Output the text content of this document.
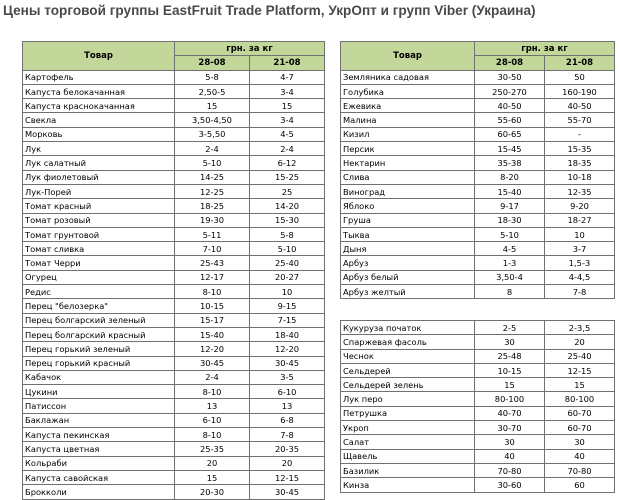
Цены торговой группы EastFruit Trade Platform, УкрОпт и групп Viber (Украина)
Товар	грн. за кг	
	28-08	21-08
Картофель	5-8	4-7
Капуста белокачанная	2,50-5	3-4
Капуста краснокачанная	15	15
Свекла	3,50-4,50	3-4
Морковь	3-5,50	4-5
Лук	2-4	2-4
Лук салатный	5-10	6-12
Лук фиолетовый	14-25	15-25
Лук-Порей	12-25	25
Томат красный	18-25	14-20
Томат розовый	19-30	15-30
Томат грунтовой	5-11	5-8
Томат сливка	7-10	5-10
Томат Черри	25-43	25-40
Огурец	12-17	20-27
Редис	8-10	10
Перец "белозерка"	10-15	9-15
Перец болгарский зеленый	15-17	7-15
Перец болгарский красный	15-40	18-40
Перец горький зеленый	12-20	12-20
Перец горький красный	30-45	30-45
Кабачок	2-4	3-5
Цукини	8-10	6-10
Патиссон	13	13
Баклажан	6-10	6-8
Капуста пекинская	8-10	7-8
Капуста цветная	25-35	20-35
Кольраби	20	20
Капуста савойская	15	12-15
Брокколи	20-30	30-45
Товар	грн. за кг	
	28-08	21-08
Земляника садовая	30-50	50
Голубика	250-270	160-190
Ежевика	40-50	40-50
Малина	55-60	55-70
Кизил	60-65	-
Персик	15-45	15-35
Нектарин	35-38	18-35
Слива	8-20	10-18
Виноград	15-40	12-35
Яблоко	9-17	9-20
Груша	18-30	18-27
Тыква	5-10	10
Дыня	4-5	3-7
Арбуз	1-3	1,5-3
Арбуз белый	3,50-4	4-4,5
Арбуз желтый	8	7-8
Кукуруза початок	2-5	2-3,5
Спаржевая фасоль	30	20
Чеснок	25-48	25-40
Сельдерей	10-15	12-15
Сельдерей зелень	15	15
Лук перо	80-100	80-100
Петрушка	40-70	60-70
Укроп	30-70	60-70
Салат	30	30
Щавель	40	40
Базилик	70-80	70-80
Кинза	30-60	60
